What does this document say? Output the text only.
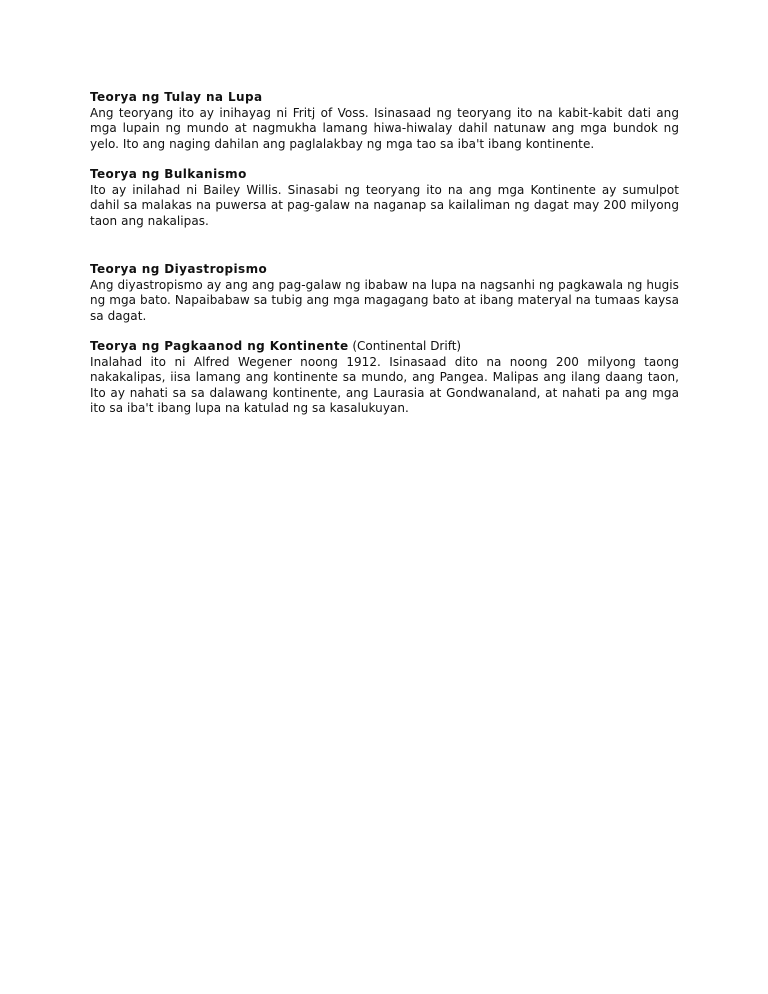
Teorya ng Tulay na Lupa
Ang teoryang ito ay inihayag ni Fritj of Voss. Isinasaad ng teoryang ito na kabit-kabit dati ang mga lupain ng mundo at nagmukha lamang hiwa-hiwalay dahil natunaw ang mga bundok ng yelo. Ito ang naging dahilan ang paglalakbay ng mga tao sa iba't ibang kontinente.
Teorya ng Bulkanismo
Ito ay inilahad ni Bailey Willis. Sinasabi ng teoryang ito na ang mga Kontinente ay sumulpot dahil sa malakas na puwersa at pag-galaw na naganap sa kailaliman ng dagat may 200 milyong taon ang nakalipas.
Teorya ng Diyastropismo
Ang diyastropismo ay ang ang pag-galaw ng ibabaw na lupa na nagsanhi ng pagkawala ng hugis ng mga bato. Napaibabaw sa tubig ang mga magagang bato at ibang materyal na tumaas kaysa sa dagat.
Teorya ng Pagkaanod ng Kontinente (Continental Drift)
Inalahad ito ni Alfred Wegener noong 1912. Isinasaad dito na noong 200 milyong taong nakakalipas, iisa lamang ang kontinente sa mundo, ang Pangea. Malipas ang ilang daang taon, Ito ay nahati sa sa dalawang kontinente, ang Laurasia at Gondwanaland, at nahati pa ang mga ito sa iba't ibang lupa na katulad ng sa kasalukuyan.
